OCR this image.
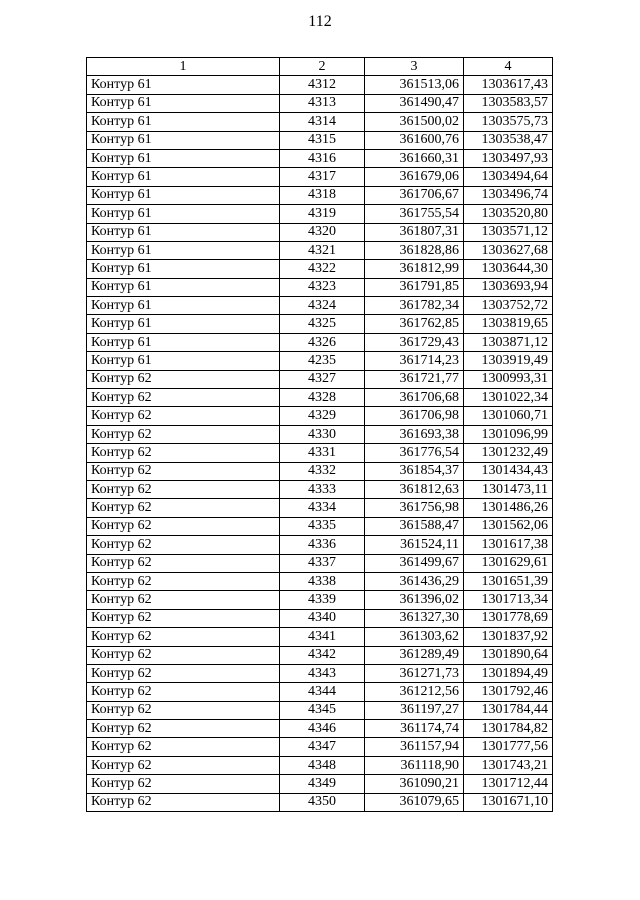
112
1	2	3	4
Контур 61	4312	361513,06	1303617,43
Контур 61	4313	361490,47	1303583,57
Контур 61	4314	361500,02	1303575,73
Контур 61	4315	361600,76	1303538,47
Контур 61	4316	361660,31	1303497,93
Контур 61	4317	361679,06	1303494,64
Контур 61	4318	361706,67	1303496,74
Контур 61	4319	361755,54	1303520,80
Контур 61	4320	361807,31	1303571,12
Контур 61	4321	361828,86	1303627,68
Контур 61	4322	361812,99	1303644,30
Контур 61	4323	361791,85	1303693,94
Контур 61	4324	361782,34	1303752,72
Контур 61	4325	361762,85	1303819,65
Контур 61	4326	361729,43	1303871,12
Контур 61	4235	361714,23	1303919,49
Контур 62	4327	361721,77	1300993,31
Контур 62	4328	361706,68	1301022,34
Контур 62	4329	361706,98	1301060,71
Контур 62	4330	361693,38	1301096,99
Контур 62	4331	361776,54	1301232,49
Контур 62	4332	361854,37	1301434,43
Контур 62	4333	361812,63	1301473,11
Контур 62	4334	361756,98	1301486,26
Контур 62	4335	361588,47	1301562,06
Контур 62	4336	361524,11	1301617,38
Контур 62	4337	361499,67	1301629,61
Контур 62	4338	361436,29	1301651,39
Контур 62	4339	361396,02	1301713,34
Контур 62	4340	361327,30	1301778,69
Контур 62	4341	361303,62	1301837,92
Контур 62	4342	361289,49	1301890,64
Контур 62	4343	361271,73	1301894,49
Контур 62	4344	361212,56	1301792,46
Контур 62	4345	361197,27	1301784,44
Контур 62	4346	361174,74	1301784,82
Контур 62	4347	361157,94	1301777,56
Контур 62	4348	361118,90	1301743,21
Контур 62	4349	361090,21	1301712,44
Контур 62	4350	361079,65	1301671,10
